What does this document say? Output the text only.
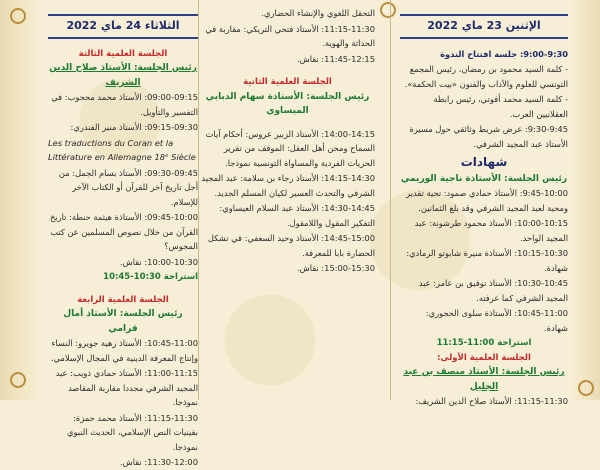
الثلاثاء 24 ماي 2022
الجلسة العلمية الثالثة
رئيس الجلسة: الأستاذ صلاح الدين الشريف
09:00-09:15: الأستاذ محمد محجوب: في التفسير والتأويل.
09:15-09:30: الأستاذ منير الفندري:
Les traductions du Coran et la Littérature en Allemagne 18ᵉ Siècle
09:30-09:45: الأستاذ بسام الجمل: من أجل تاريخ آخر للقرآن أو الكتاب الآخر للإسلام.
09:45-10:00: الأستاذة هيثمة حنطة: تاريخ القرآن من خلال نصوص المسلمين عن كتب المجوس؟
10:00-10:30: نقاش.
استراحة 10:30-10:45
الجلسة العلمية الرابعة
رئيس الجلسة: الأستاذ أمال قرامي
10:45-11:00: الأستاذ زهية جويرو: النساء وإنتاج المعرفة الدينية في المجال الإسلامي.
11:00-11:15: الأستاذ حمادي ذويب: عبد المجيد الشرفي مجددا مقاربة المقاصد نموذجا.
11:15-11:30: الأستاذ محمد حمزة: بقينيات النص الإسلامي، الحديث النبوي نموذجا.
11:30-12:00: نقاش.
التحقل اللغوي والإنشاء الحضاري.
11:15-11:30: الأستاذ فتحي التريكي: مقاربة في الحداثة والهوية.
11:45-12:15: نقاش.
الجلسة العلمية الثانية
رئيس الجلسة: الأستاذة سهام الدبابي الميساوي
14:00-14:15: الأستاذ الزبير عروس: أحكام آيات السماح ومحن أهل العقل: الموقف من تقرير الحريات الفردية والمساواة التونسية نموذجا.
14:15-14:30: الأستاذ رجاء بن سلامة: عبد المجيد الشرفي والتحدث العسير لكيان المسلم الجديد.
14:30-14:45: الأستاذ عبد السلام العيساوي: التفكير المقول واللامقول.
14:45-15:00: الأستاذ وحيد السعفي: في تشكل الحضارة بابا للمعرفة.
15:00-15:30: نقاش.
الإثنين 23 ماي 2022
9:00-9:30: جلسة افتتاح الندوة
- كلمة السيد محمود بن رمضان، رئيس المجمع التونسي للعلوم والآداب والفنون «بيت الحكمة».
- كلمة السيد محمد أفوتي، رئيس رابطة العقلانيين العرب.
9:30-9:45: عرض شريط وثائقي حول مسيرة الأستاذ عبد المجيد الشرفي.
شهادات
رئيس الجلسة: الأستاذة ناجية الوريمي
9:45-10:00: الأستاذ حمادي صمود: تحية تقدير ومحبة لعبد المجيد الشرفي وقد بلغ الثمانين.
10:00-10:15: الأستاذ محمود طرشونة: عبد المجيد الواحد.
10:15-10:30: الأستاذة منيرة شابوتو الرمادي: شهادة.
10:30-10:45: الأستاذ توفيق بن عامر: عبد المجيد الشرفي كما عرفته.
10:45-11:00: الأستاذة سلوى الحجوري: شهادة.
استراحة 11:00-11:15
الجلسة العلمية الأولى:
رئيس الجلسة: الأستاذ منصف بن عبد الجليل
11:15-11:30: الأستاذ صلاح الدين الشريف:
